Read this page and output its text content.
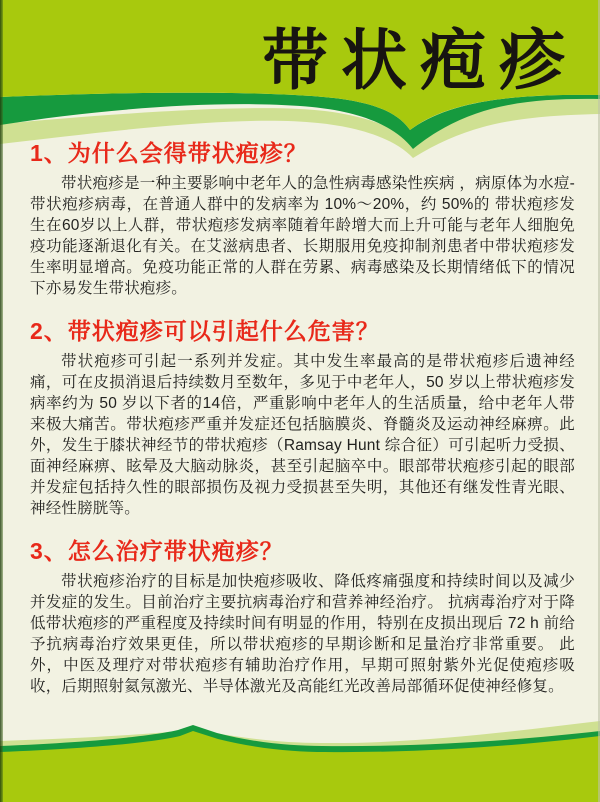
带状疱疹
1、为什么会得带状疱疹？

带状疱疹是一种主要影响中老年人的急性病毒感染性疾病 ，病原体为水痘-带状疱疹病毒，在普通人群中的发病率为 10%～20%，约 50%的 带状疱疹发生在60岁以上人群，带状疱疹发病率随着年龄增大而上升可能与老年人细胞免疫功能逐渐退化有关。在艾滋病患者、长期服用免疫抑制剂患者中带状疱疹发生率明显增高。免疫功能正常的人群在劳累、病毒感染及长期情绪低下的情况下亦易发生带状疱疹。

2、带状疱疹可以引起什么危害？

带状疱疹可引起一系列并发症。其中发生率最高的是带状疱疹后遗神经痛，可在皮损消退后持续数月至数年，多见于中老年人，50 岁以上带状疱疹发病率约为 50 岁以下者的14倍，严重影响中老年人的生活质量，给中老年人带来极大痛苦。带状疱疹严重并发症还包括脑膜炎、脊髓炎及运动神经麻痹。此外，发生于膝状神经节的带状疱疹（Ramsay Hunt 综合征）可引起听力受损、面神经麻痹、眩晕及大脑动脉炎，甚至引起脑卒中。眼部带状疱疹引起的眼部并发症包括持久性的眼部损伤及视力受损甚至失明，其他还有继发性青光眼、神经性膀胱等。

3、怎么治疗带状疱疹？

带状疱疹治疗的目标是加快疱疹吸收、降低疼痛强度和持续时间以及减少并发症的发生。目前治疗主要抗病毒治疗和营养神经治疗。 抗病毒治疗对于降低带状疱疹的严重程度及持续时间有明显的作用，特别在皮损出现后 72 h 前给予抗病毒治疗效果更佳，所以带状疱疹的早期诊断和足量治疗非常重要。 此外，中医及理疗对带状疱疹有辅助治疗作用，早期可照射紫外光促使疱疹吸收，后期照射氦氖激光、半导体激光及高能红光改善局部循环促使神经修复。
